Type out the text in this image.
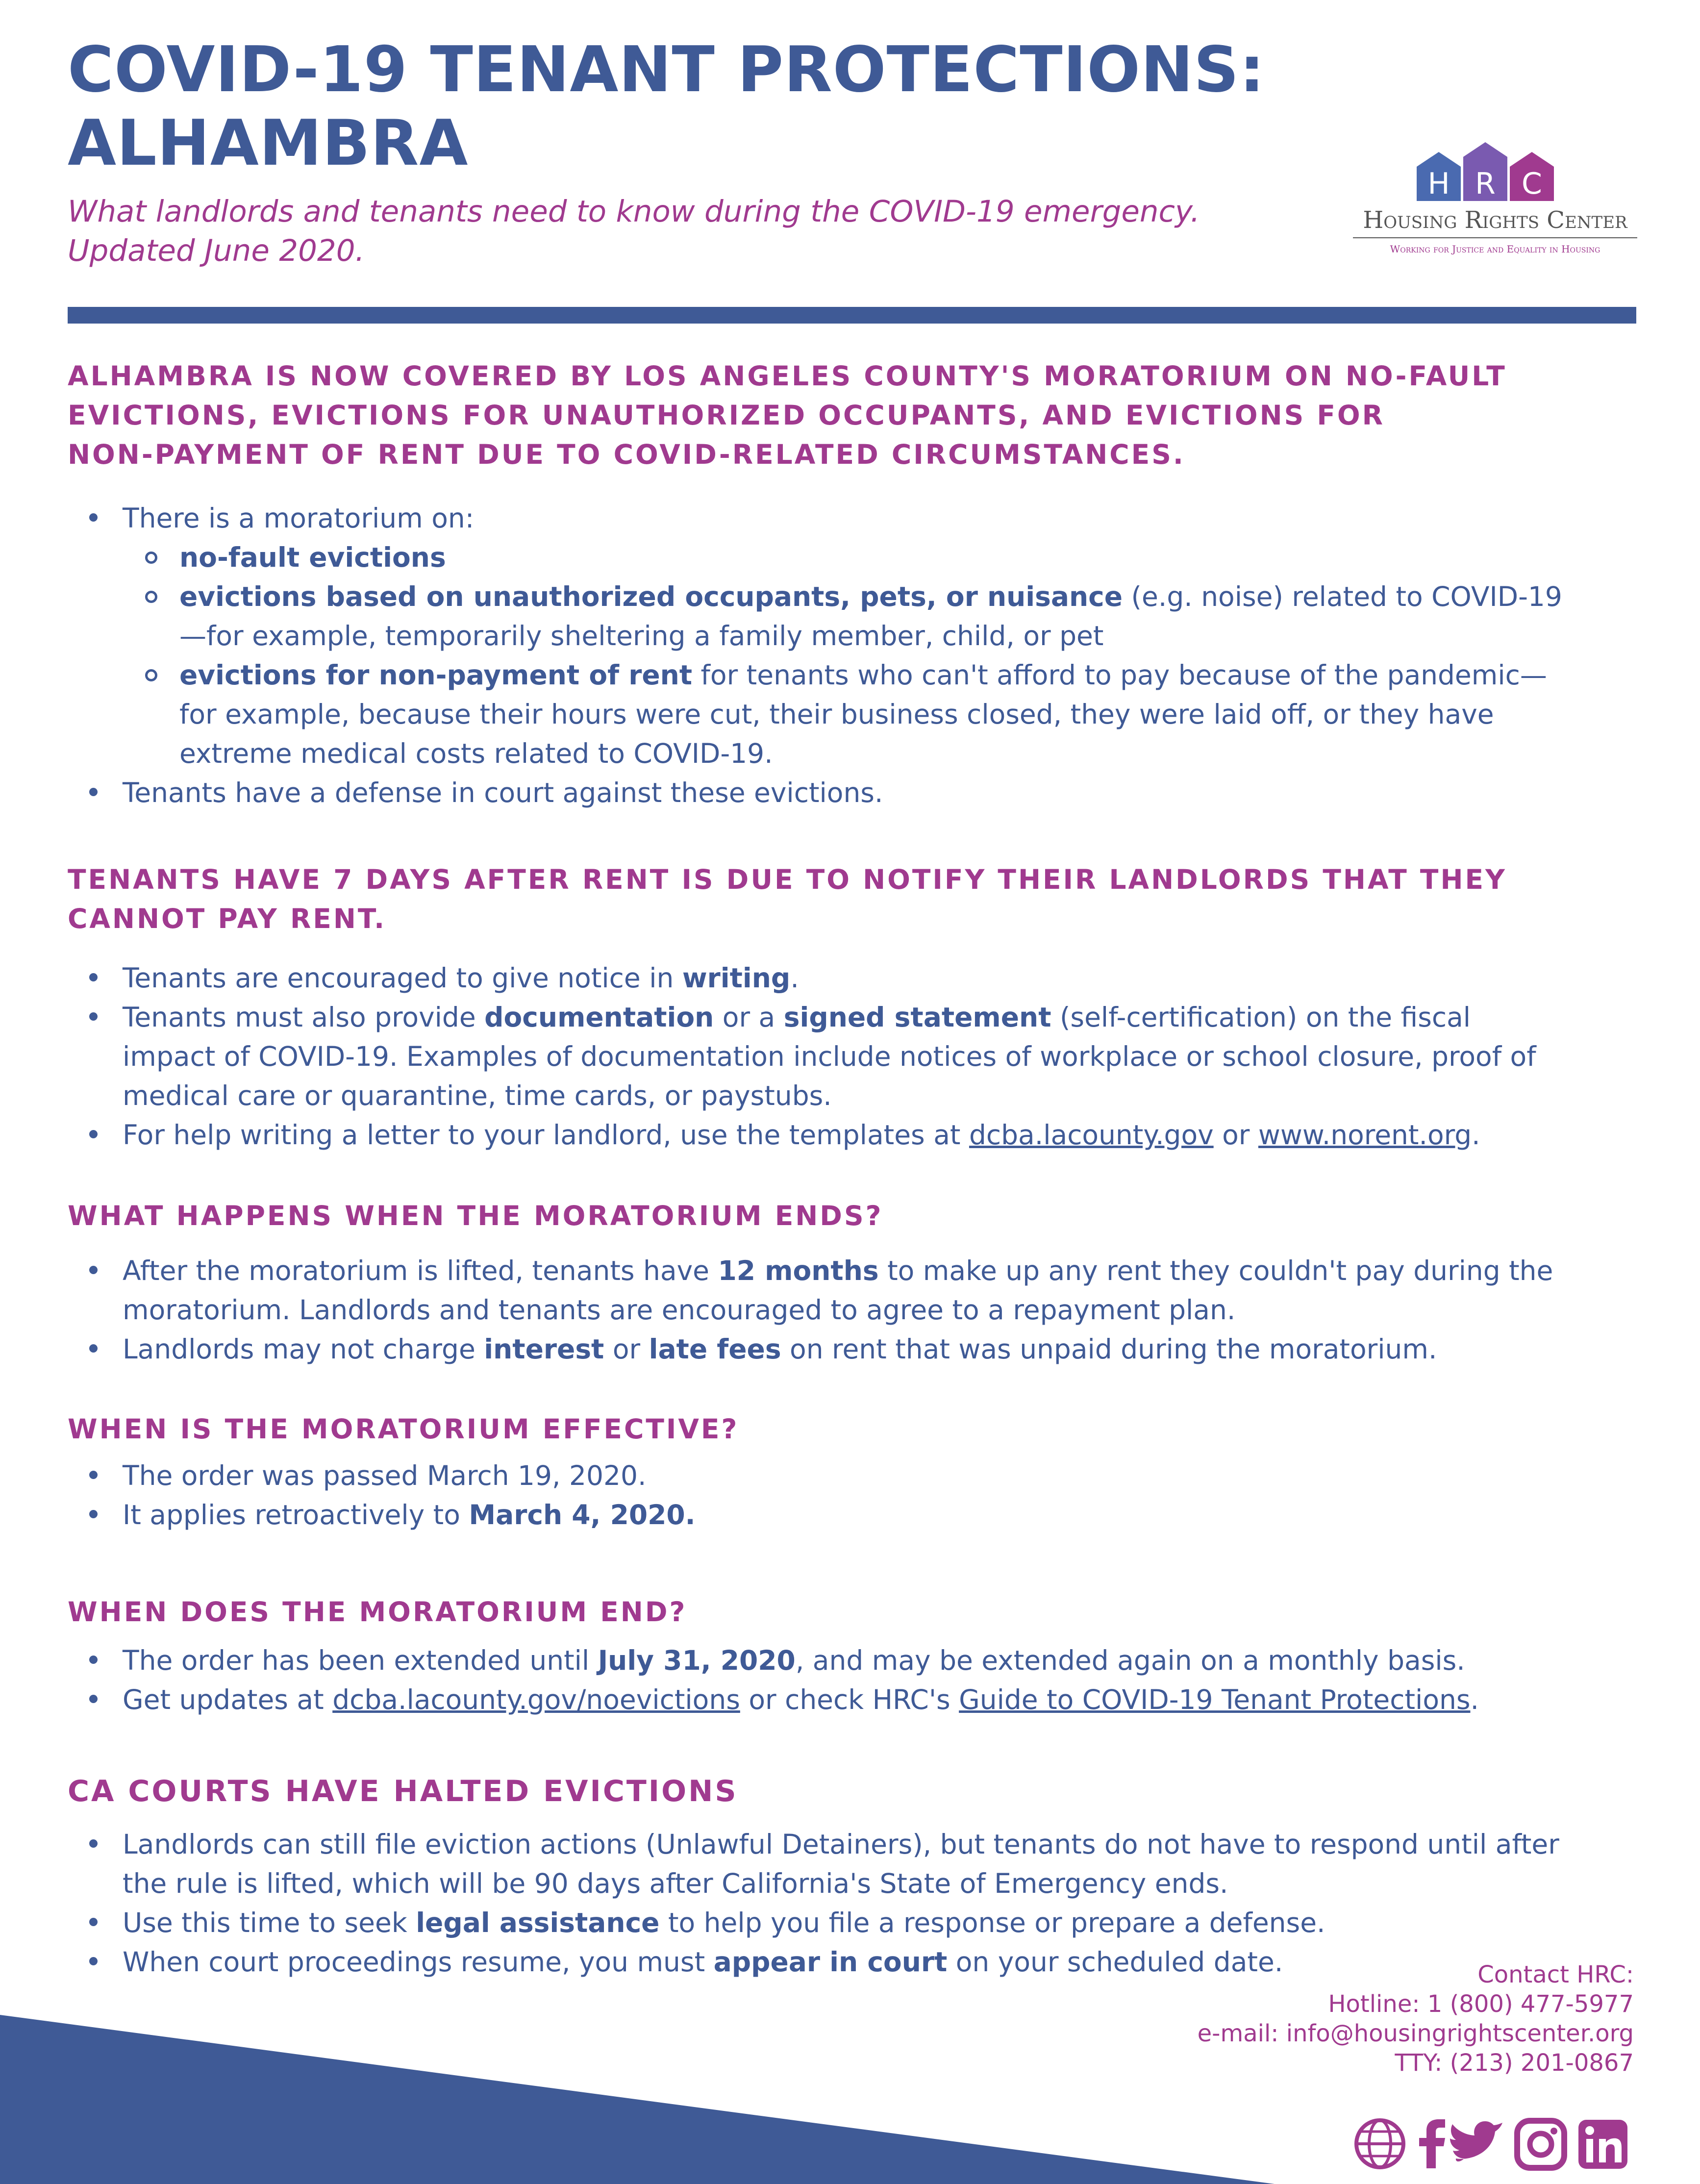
COVID-19 TENANT PROTECTIONS:
ALHAMBRA
What landlords and tenants need to know during the COVID-19 emergency.
Updated June 2020.
H R C
Housing Rights Center
Working for Justice and Equality in Housing
ALHAMBRA IS NOW COVERED BY LOS ANGELES COUNTY'S MORATORIUM ON NO-FAULT
EVICTIONS, EVICTIONS FOR UNAUTHORIZED OCCUPANTS, AND EVICTIONS FOR
NON-PAYMENT OF RENT DUE TO COVID-RELATED CIRCUMSTANCES.
There is a moratorium on:
no-fault evictions
evictions based on unauthorized occupants, pets, or nuisance (e.g. noise) related to COVID-19
—for example, temporarily sheltering a family member, child, or pet
evictions for non-payment of rent for tenants who can't afford to pay because of the pandemic—
for example, because their hours were cut, their business closed, they were laid off, or they have
extreme medical costs related to COVID-19.
Tenants have a defense in court against these evictions.
TENANTS HAVE 7 DAYS AFTER RENT IS DUE TO NOTIFY THEIR LANDLORDS THAT THEY
CANNOT PAY RENT.
Tenants are encouraged to give notice in writing.
Tenants must also provide documentation or a signed statement (self-certification) on the fiscal
impact of COVID-19. Examples of documentation include notices of workplace or school closure, proof of
medical care or quarantine, time cards, or paystubs.
For help writing a letter to your landlord, use the templates at dcba.lacounty.gov or www.norent.org.
WHAT HAPPENS WHEN THE MORATORIUM ENDS?
After the moratorium is lifted, tenants have 12 months to make up any rent they couldn't pay during the
moratorium. Landlords and tenants are encouraged to agree to a repayment plan.
Landlords may not charge interest or late fees on rent that was unpaid during the moratorium.
WHEN IS THE MORATORIUM EFFECTIVE?
The order was passed March 19, 2020.
It applies retroactively to March 4, 2020.
WHEN DOES THE MORATORIUM END?
The order has been extended until July 31, 2020, and may be extended again on a monthly basis.
Get updates at dcba.lacounty.gov/noevictions or check HRC's Guide to COVID-19 Tenant Protections.
CA COURTS HAVE HALTED EVICTIONS
Landlords can still file eviction actions (Unlawful Detainers), but tenants do not have to respond until after
the rule is lifted, which will be 90 days after California's State of Emergency ends.
Use this time to seek legal assistance to help you file a response or prepare a defense.
When court proceedings resume, you must appear in court on your scheduled date.	Contact HRC:
Hotline: 1 (800) 477-5977
e-mail: info@housingrightscenter.org
TTY: (213) 201-0867
